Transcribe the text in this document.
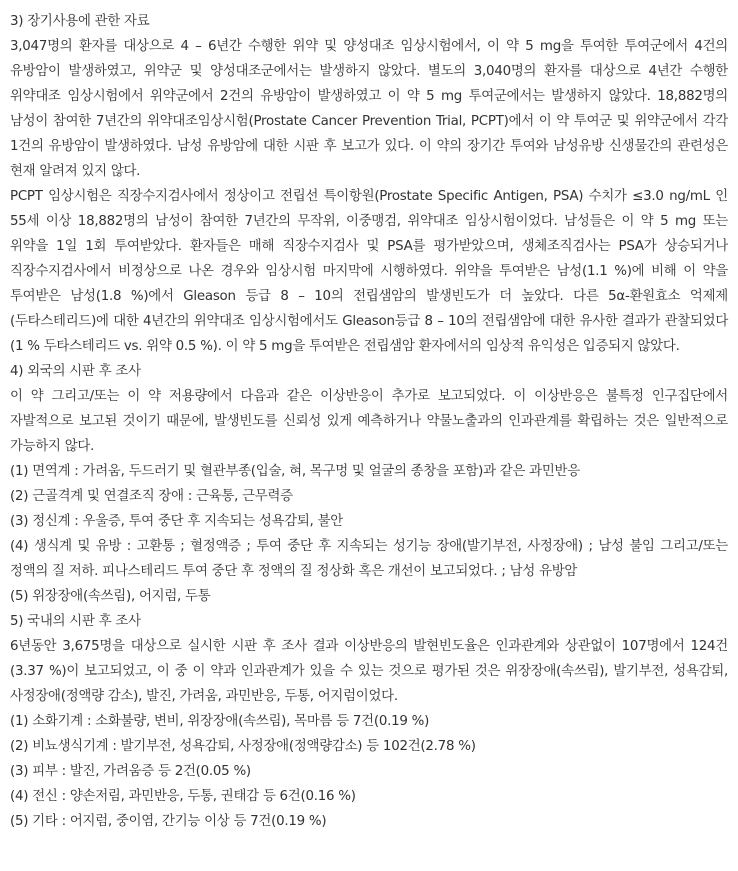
3) 장기사용에 관한 자료

3,047명의 환자를 대상으로 4 – 6년간 수행한 위약 및 양성대조 임상시험에서, 이 약 5 mg을 투여한 투여군에서 4건의 유방암이 발생하였고, 위약군 및 양성대조군에서는 발생하지 않았다. 별도의 3,040명의 환자를 대상으로 4년간 수행한 위약대조 임상시험에서 위약군에서 2건의 유방암이 발생하였고 이 약 5 mg 투여군에서는 발생하지 않았다. 18,882명의 남성이 참여한 7년간의 위약대조임상시험(Prostate Cancer Prevention Trial, PCPT)에서 이 약 투여군 및 위약군에서 각각 1건의 유방암이 발생하였다. 남성 유방암에 대한 시판 후 보고가 있다. 이 약의 장기간 투여와 남성유방 신생물간의 관련성은 현재 알려져 있지 않다.

PCPT 임상시험은 직장수지검사에서 정상이고 전립선 특이항원(Prostate Specific Antigen, PSA) 수치가 ≤3.0 ng/mL 인 55세 이상 18,882명의 남성이 참여한 7년간의 무작위, 이중맹검, 위약대조 임상시험이었다. 남성들은 이 약 5 mg 또는 위약을 1일 1회 투여받았다. 환자들은 매해 직장수지검사 및 PSA를 평가받았으며, 생체조직검사는 PSA가 상승되거나 직장수지검사에서 비정상으로 나온 경우와 임상시험 마지막에 시행하였다. 위약을 투여받은 남성(1.1 %)에 비해 이 약을 투여받은 남성(1.8 %)에서 Gleason 등급 8 – 10의 전립샘암의 발생빈도가 더 높았다. 다른 5α-환원효소 억제제(두타스테리드)에 대한 4년간의 위약대조 임상시험에서도 Gleason등급 8 – 10의 전립샘암에 대한 유사한 결과가 관찰되었다(1 % 두타스테리드 vs. 위약 0.5 %). 이 약 5 mg을 투여받은 전립샘암 환자에서의 임상적 유익성은 입증되지 않았다.

4) 외국의 시판 후 조사

이 약 그리고/또는 이 약 저용량에서 다음과 같은 이상반응이 추가로 보고되었다. 이 이상반응은 불특정 인구집단에서 자발적으로 보고된 것이기 때문에, 발생빈도를 신뢰성 있게 예측하거나 약물노출과의 인과관계를 확립하는 것은 일반적으로 가능하지 않다.

(1) 면역계 : 가려움, 두드러기 및 혈관부종(입술, 혀, 목구멍 및 얼굴의 종창을 포함)과 같은 과민반응

(2) 근골격계 및 연결조직 장애 : 근육통, 근무력증

(3) 정신계 : 우울증, 투여 중단 후 지속되는 성욕감퇴, 불안

(4) 생식계 및 유방 : 고환통 ; 혈정액증 ; 투여 중단 후 지속되는 성기능 장애(발기부전, 사정장애) ; 남성 불임 그리고/또는 정액의 질 저하. 피나스테리드 투여 중단 후 정액의 질 정상화 혹은 개선이 보고되었다. ; 남성 유방암

(5) 위장장애(속쓰림), 어지럼, 두통

5) 국내의 시판 후 조사

6년동안 3,675명을 대상으로 실시한 시판 후 조사 결과 이상반응의 발현빈도율은 인과관계와 상관없이 107명에서 124건(3.37 %)이 보고되었고, 이 중 이 약과 인과관계가 있을 수 있는 것으로 평가된 것은 위장장애(속쓰림), 발기부전, 성욕감퇴, 사정장애(정액량 감소), 발진, 가려움, 과민반응, 두통, 어지럼이었다.

(1) 소화기계 : 소화불량, 변비, 위장장애(속쓰림), 목마름 등 7건(0.19 %)

(2) 비뇨생식기계 : 발기부전, 성욕감퇴, 사정장애(정액량감소) 등 102건(2.78 %)

(3) 피부 : 발진, 가려움증 등 2건(0.05 %)

(4) 전신 : 양손저림, 과민반응, 두통, 권태감 등 6건(0.16 %)

(5) 기타 : 어지럼, 중이염, 간기능 이상 등 7건(0.19 %)
